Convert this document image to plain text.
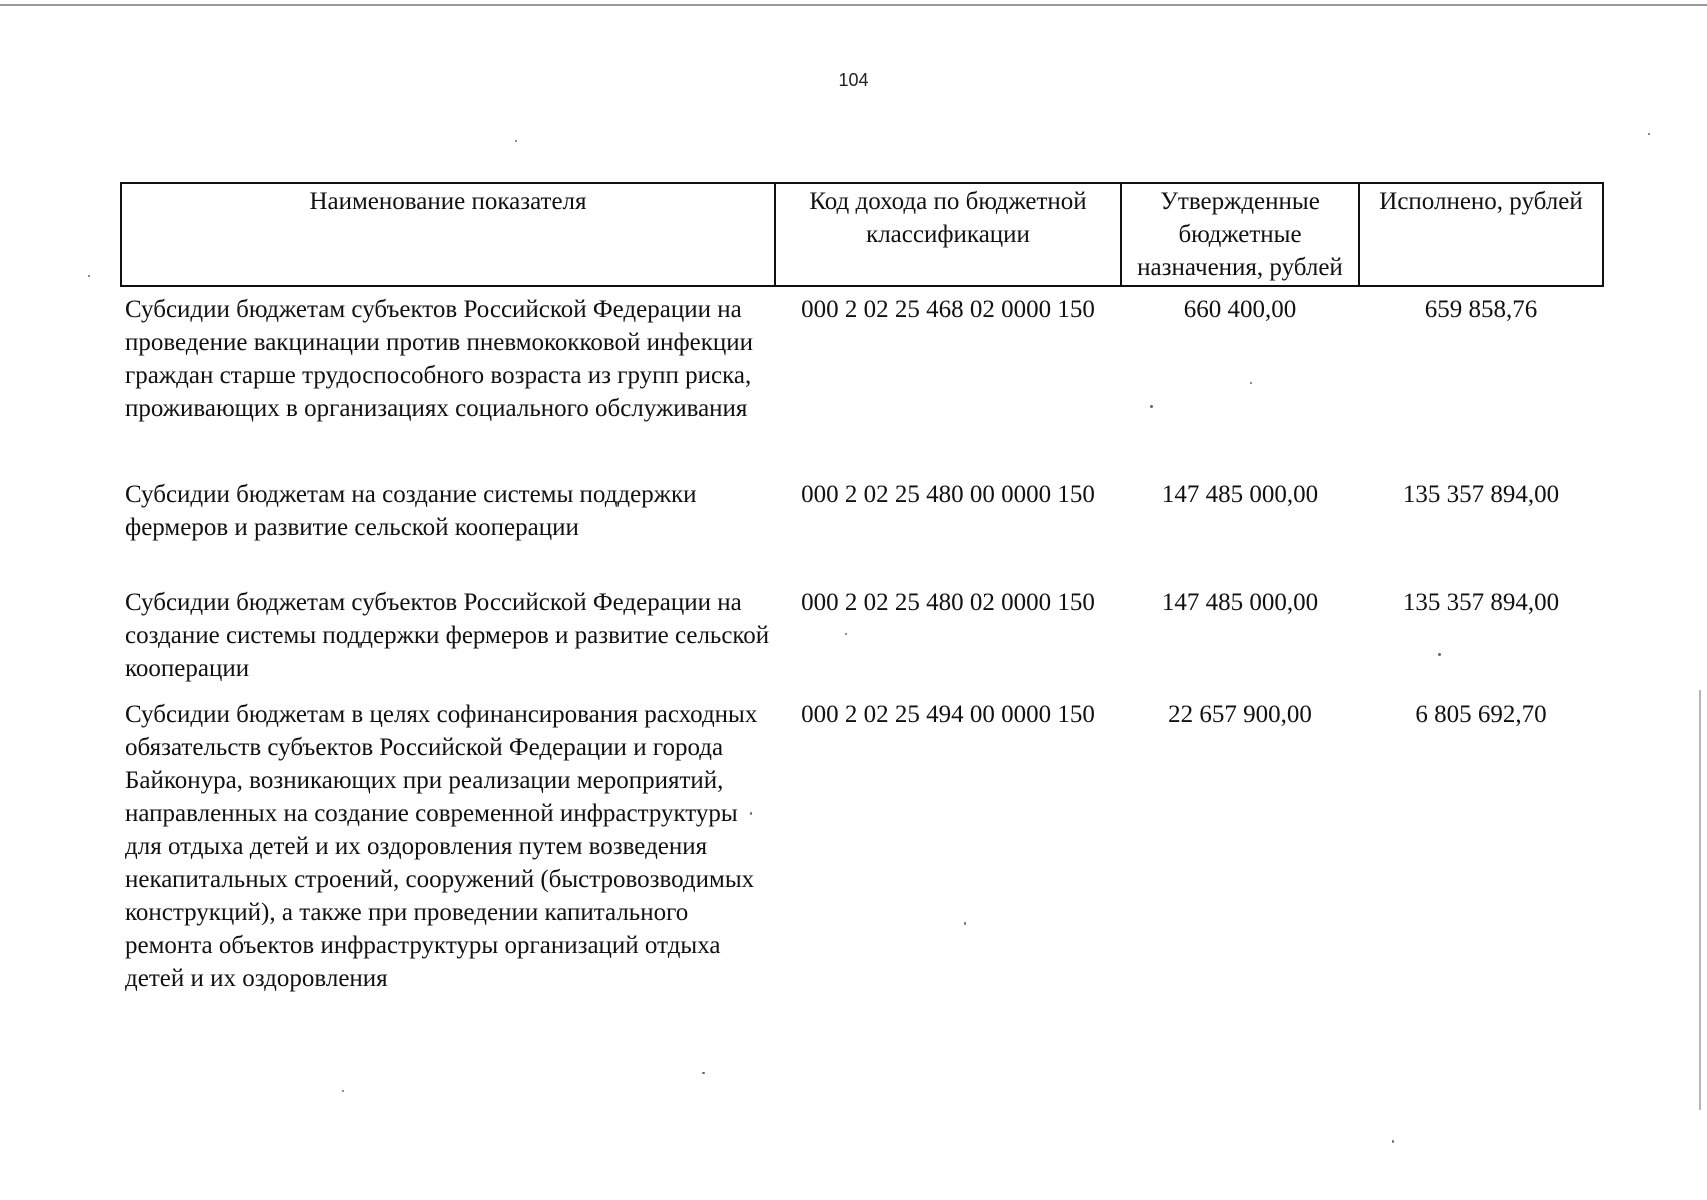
104
Наименование показателя	Код дохода по бюджетной классификации	Утвержденные бюджетные назначения, рублей	Исполнено, рублей
Субсидии бюджетам субъектов Российской Федерации на проведение вакцинации против пневмококковой инфекции граждан старше трудоспособного возраста из групп риска, проживающих в организациях социального обслуживания	000 2 02 25 468 02 0000 150	660 400,00	659 858,76
Субсидии бюджетам на создание системы поддержки фермеров и развитие сельской кооперации	000 2 02 25 480 00 0000 150	147 485 000,00	135 357 894,00
Субсидии бюджетам субъектов Российской Федерации на создание системы поддержки фермеров и развитие сельской кооперации	000 2 02 25 480 02 0000 150	147 485 000,00	135 357 894,00
Субсидии бюджетам в целях софинансирования расходных обязательств субъектов Российской Федерации и города Байконура, возникающих при реализации мероприятий, направленных на создание современной инфраструктуры для отдыха детей и их оздоровления путем возведения некапитальных строений, сооружений (быстровозводимых конструкций), а также при проведении капитального ремонта объектов инфраструктуры организаций отдыха детей и их оздоровления	000 2 02 25 494 00 0000 150	22 657 900,00	6 805 692,70
